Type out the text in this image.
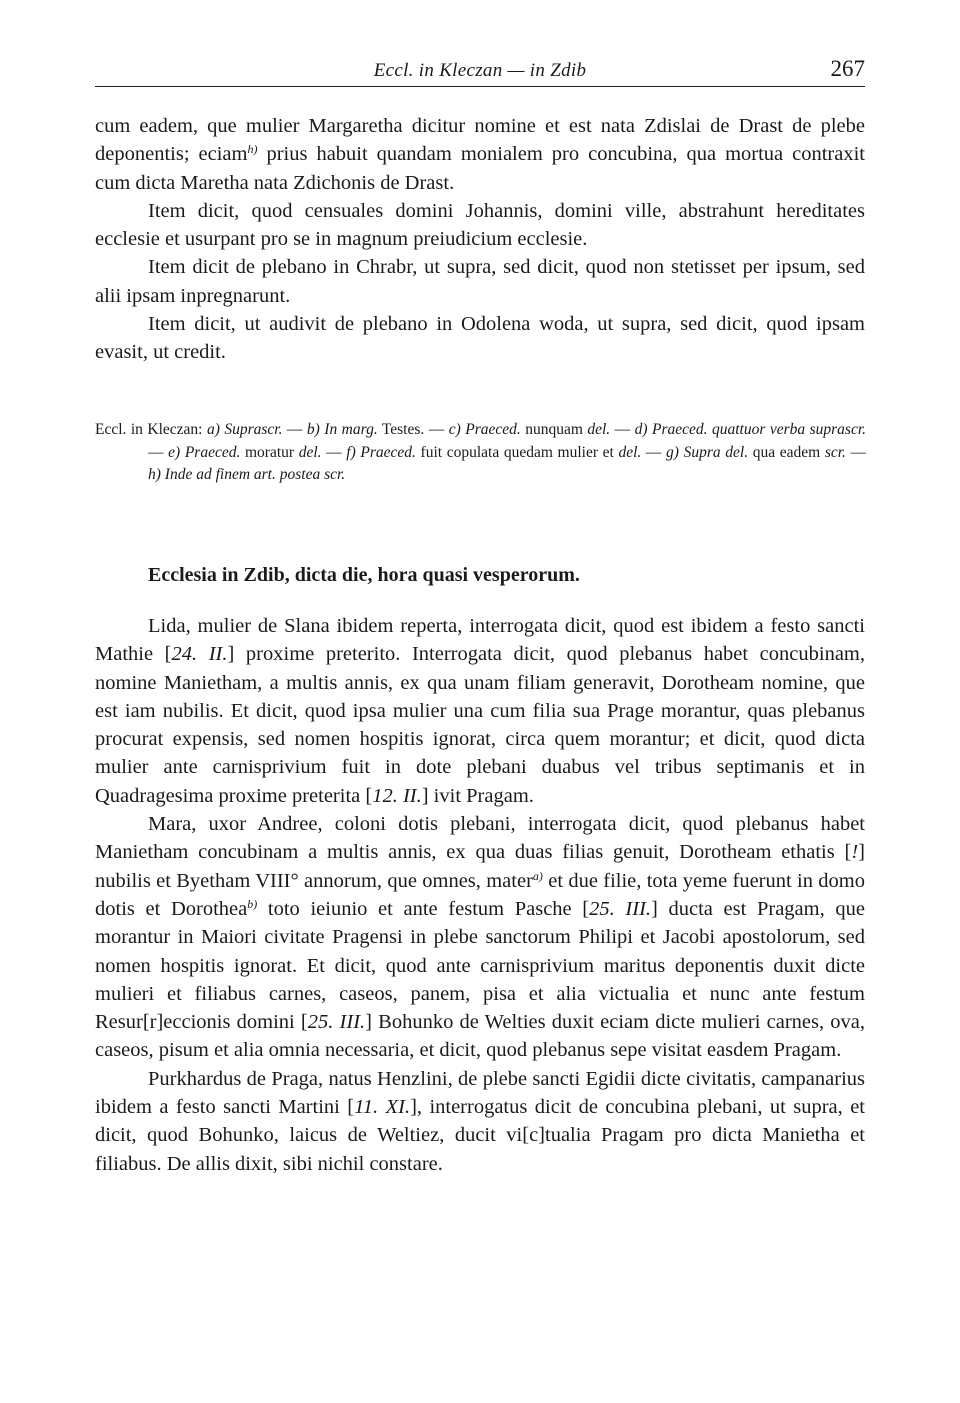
Eccl. in Kleczan — in Zdib	267

cum eadem, que mulier Margaretha dicitur nomine et est nata Zdislai de Drast de plebe deponentis; eciam$^{h)}$ prius habuit quandam monialem pro concubina, qua mortua contraxit cum dicta Maretha nata Zdichonis de Drast.

Item dicit, quod censuales domini Johannis, domini ville, abstrahunt hereditates ecclesie et usurpant pro se in magnum preiudicium ecclesie.

Item dicit de plebano in Chrabr, ut supra, sed dicit, quod non stetisset per ipsum, sed alii ipsam inpregnarunt.

Item dicit, ut audivit de plebano in Odolena woda, ut supra, sed dicit, quod ipsam evasit, ut credit.

Eccl. in Kleczan: a) Suprascr. — b) In marg. Testes. — c) Praeced. nunquam del. — d) Praeced. quattuor verba suprascr. — e) Praeced. moratur del. — f) Praeced. fuit copulata quedam mulier et del. — g) Supra del. qua eadem scr. — h) Inde ad finem art. postea scr.
Ecclesia in Zdib, dicta die, hora quasi vesperorum.

Lida, mulier de Slana ibidem reperta, interrogata dicit, quod est ibidem a festo sancti Mathie [24. II.] proxime preterito. Interrogata dicit, quod plebanus habet concubinam, nomine Manietham, a multis annis, ex qua unam filiam generavit, Dorotheam nomine, que est iam nubilis. Et dicit, quod ipsa mulier una cum filia sua Prage morantur, quas plebanus procurat expensis, sed nomen hospitis ignorat, circa quem morantur; et dicit, quod dicta mulier ante carnisprivium fuit in dote plebani duabus vel tribus septimanis et in Quadragesima proxime preterita [12. II.] ivit Pragam.

Mara, uxor Andree, coloni dotis plebani, interrogata dicit, quod plebanus habet Manietham concubinam a multis annis, ex qua duas filias genuit, Dorotheam ethatis [!] nubilis et Byetham VIII° annorum, que omnes, mater$^{a)}$ et due filie, tota yeme fuerunt in domo dotis et Dorothea$^{b)}$ toto ieiunio et ante festum Pasche [25. III.] ducta est Pragam, que morantur in Maiori civitate Pragensi in plebe sanctorum Philipi et Jacobi apostolorum, sed nomen hospitis ignorat. Et dicit, quod ante carnisprivium maritus deponentis duxit dicte mulieri et filiabus carnes, caseos, panem, pisa et alia victualia et nunc ante festum Resur[r]eccionis domini [25. III.] Bohunko de Welties duxit eciam dicte mulieri carnes, ova, caseos, pisum et alia omnia necessaria, et dicit, quod plebanus sepe visitat easdem Pragam.

Purkhardus de Praga, natus Henzlini, de plebe sancti Egidii dicte civitatis, campanarius ibidem a festo sancti Martini [11. XI.], interrogatus dicit de concubina plebani, ut supra, et dicit, quod Bohunko, laicus de Weltiez, ducit vi[c]tualia Pragam pro dicta Manietha et filiabus. De allis dixit, sibi nichil constare.
